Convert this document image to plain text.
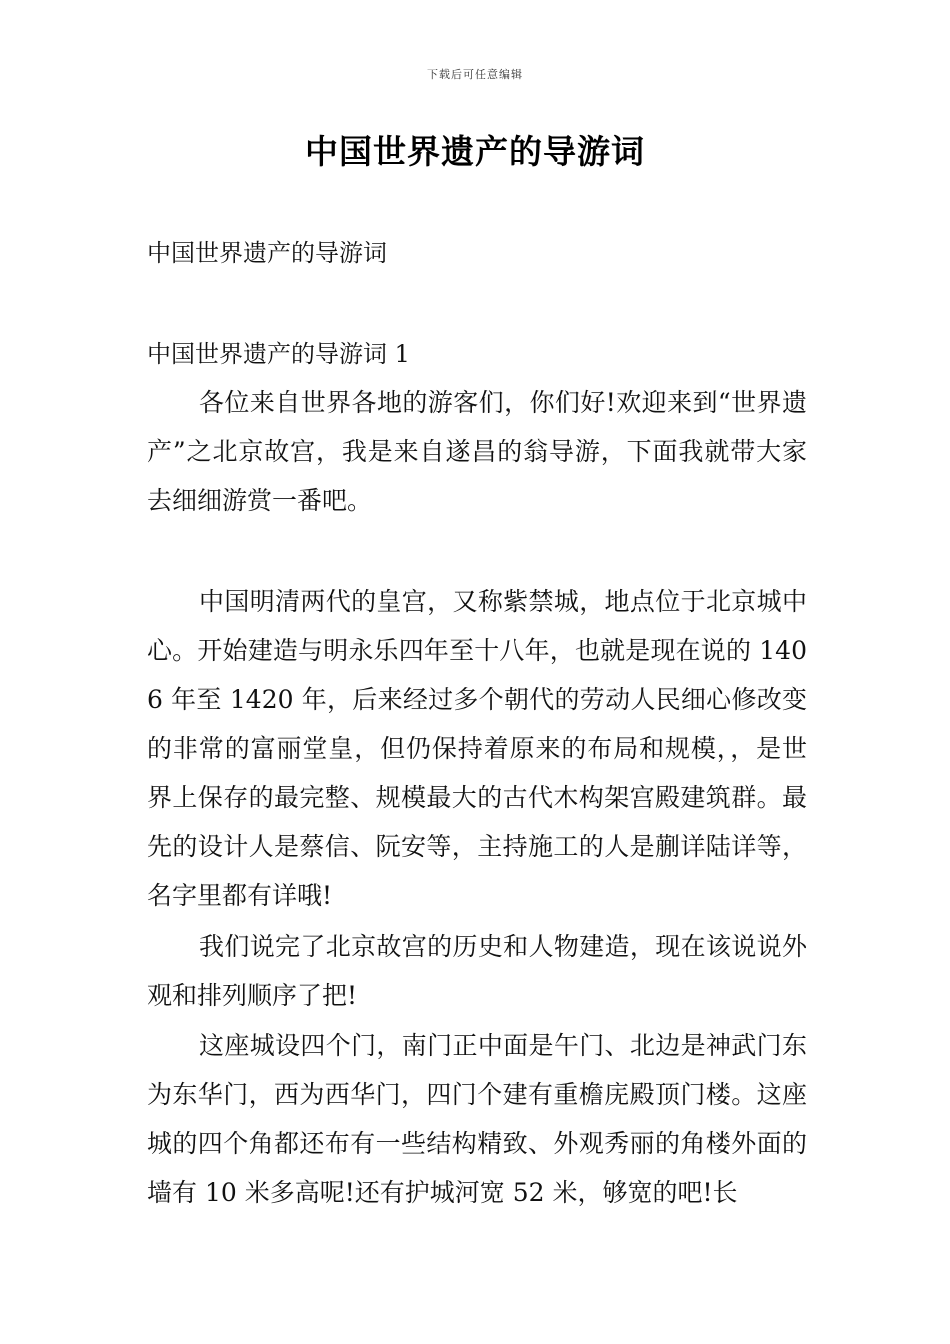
下载后可任意编辑
中国世界遗产的导游词

中国世界遗产的导游词

中国世界遗产的导游词 1

各位来自世界各地的游客们，你们好!欢迎来到“世界遗产”之北京故宫，我是来自遂昌的翁导游，下面我就带大家去细细游赏一番吧。

中国明清两代的皇宫，又称紫禁城，地点位于北京城中心。开始建造与明永乐四年至十八年，也就是现在说的 1406 年至 1420 年，后来经过多个朝代的劳动人民细心修改变的非常的富丽堂皇，但仍保持着原来的布局和规模，，是世界上保存的最完整、规模最大的古代木构架宫殿建筑群。最先的设计人是蔡信、阮安等，主持施工的人是蒯详陆详等，名字里都有详哦!

我们说完了北京故宫的历史和人物建造，现在该说说外观和排列顺序了把!

这座城设四个门，南门正中面是午门、北边是神武门东为东华门，西为西华门，四门个建有重檐庑殿顶门楼。这座城的四个角都还布有一些结构精致、外观秀丽的角楼外面的墙有 10 米多高呢!还有护城河宽 52 米，够宽的吧!长
